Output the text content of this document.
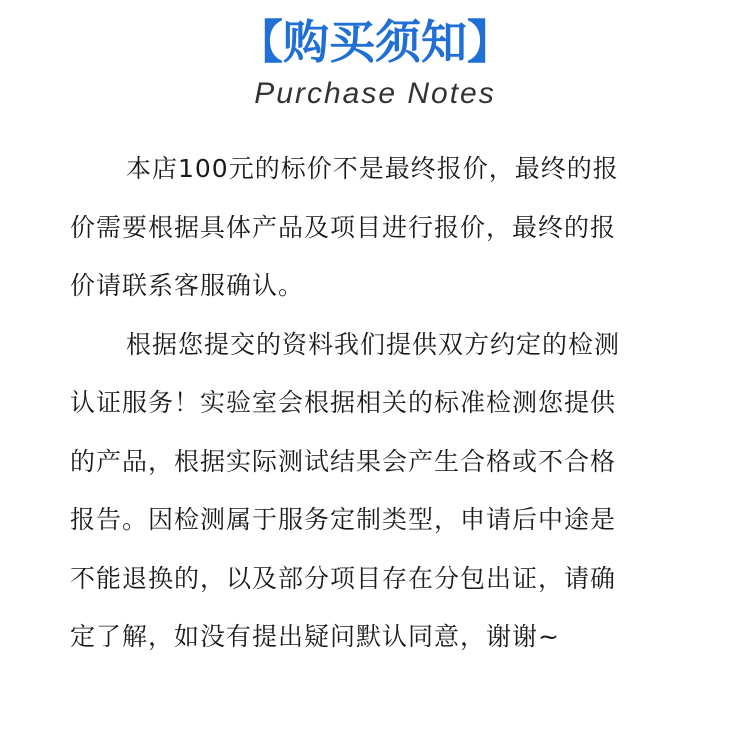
【购买须知】
Purchase Notes
本店100元的标价不是最终报价，最终的报
价需要根据具体产品及项目进行报价，最终的报
价请联系客服确认。
根据您提交的资料我们提供双方约定的检测
认证服务！实验室会根据相关的标准检测您提供
的产品，根据实际测试结果会产生合格或不合格
报告。因检测属于服务定制类型，申请后中途是
不能退换的，以及部分项目存在分包出证，请确
定了解，如没有提出疑问默认同意，谢谢~
